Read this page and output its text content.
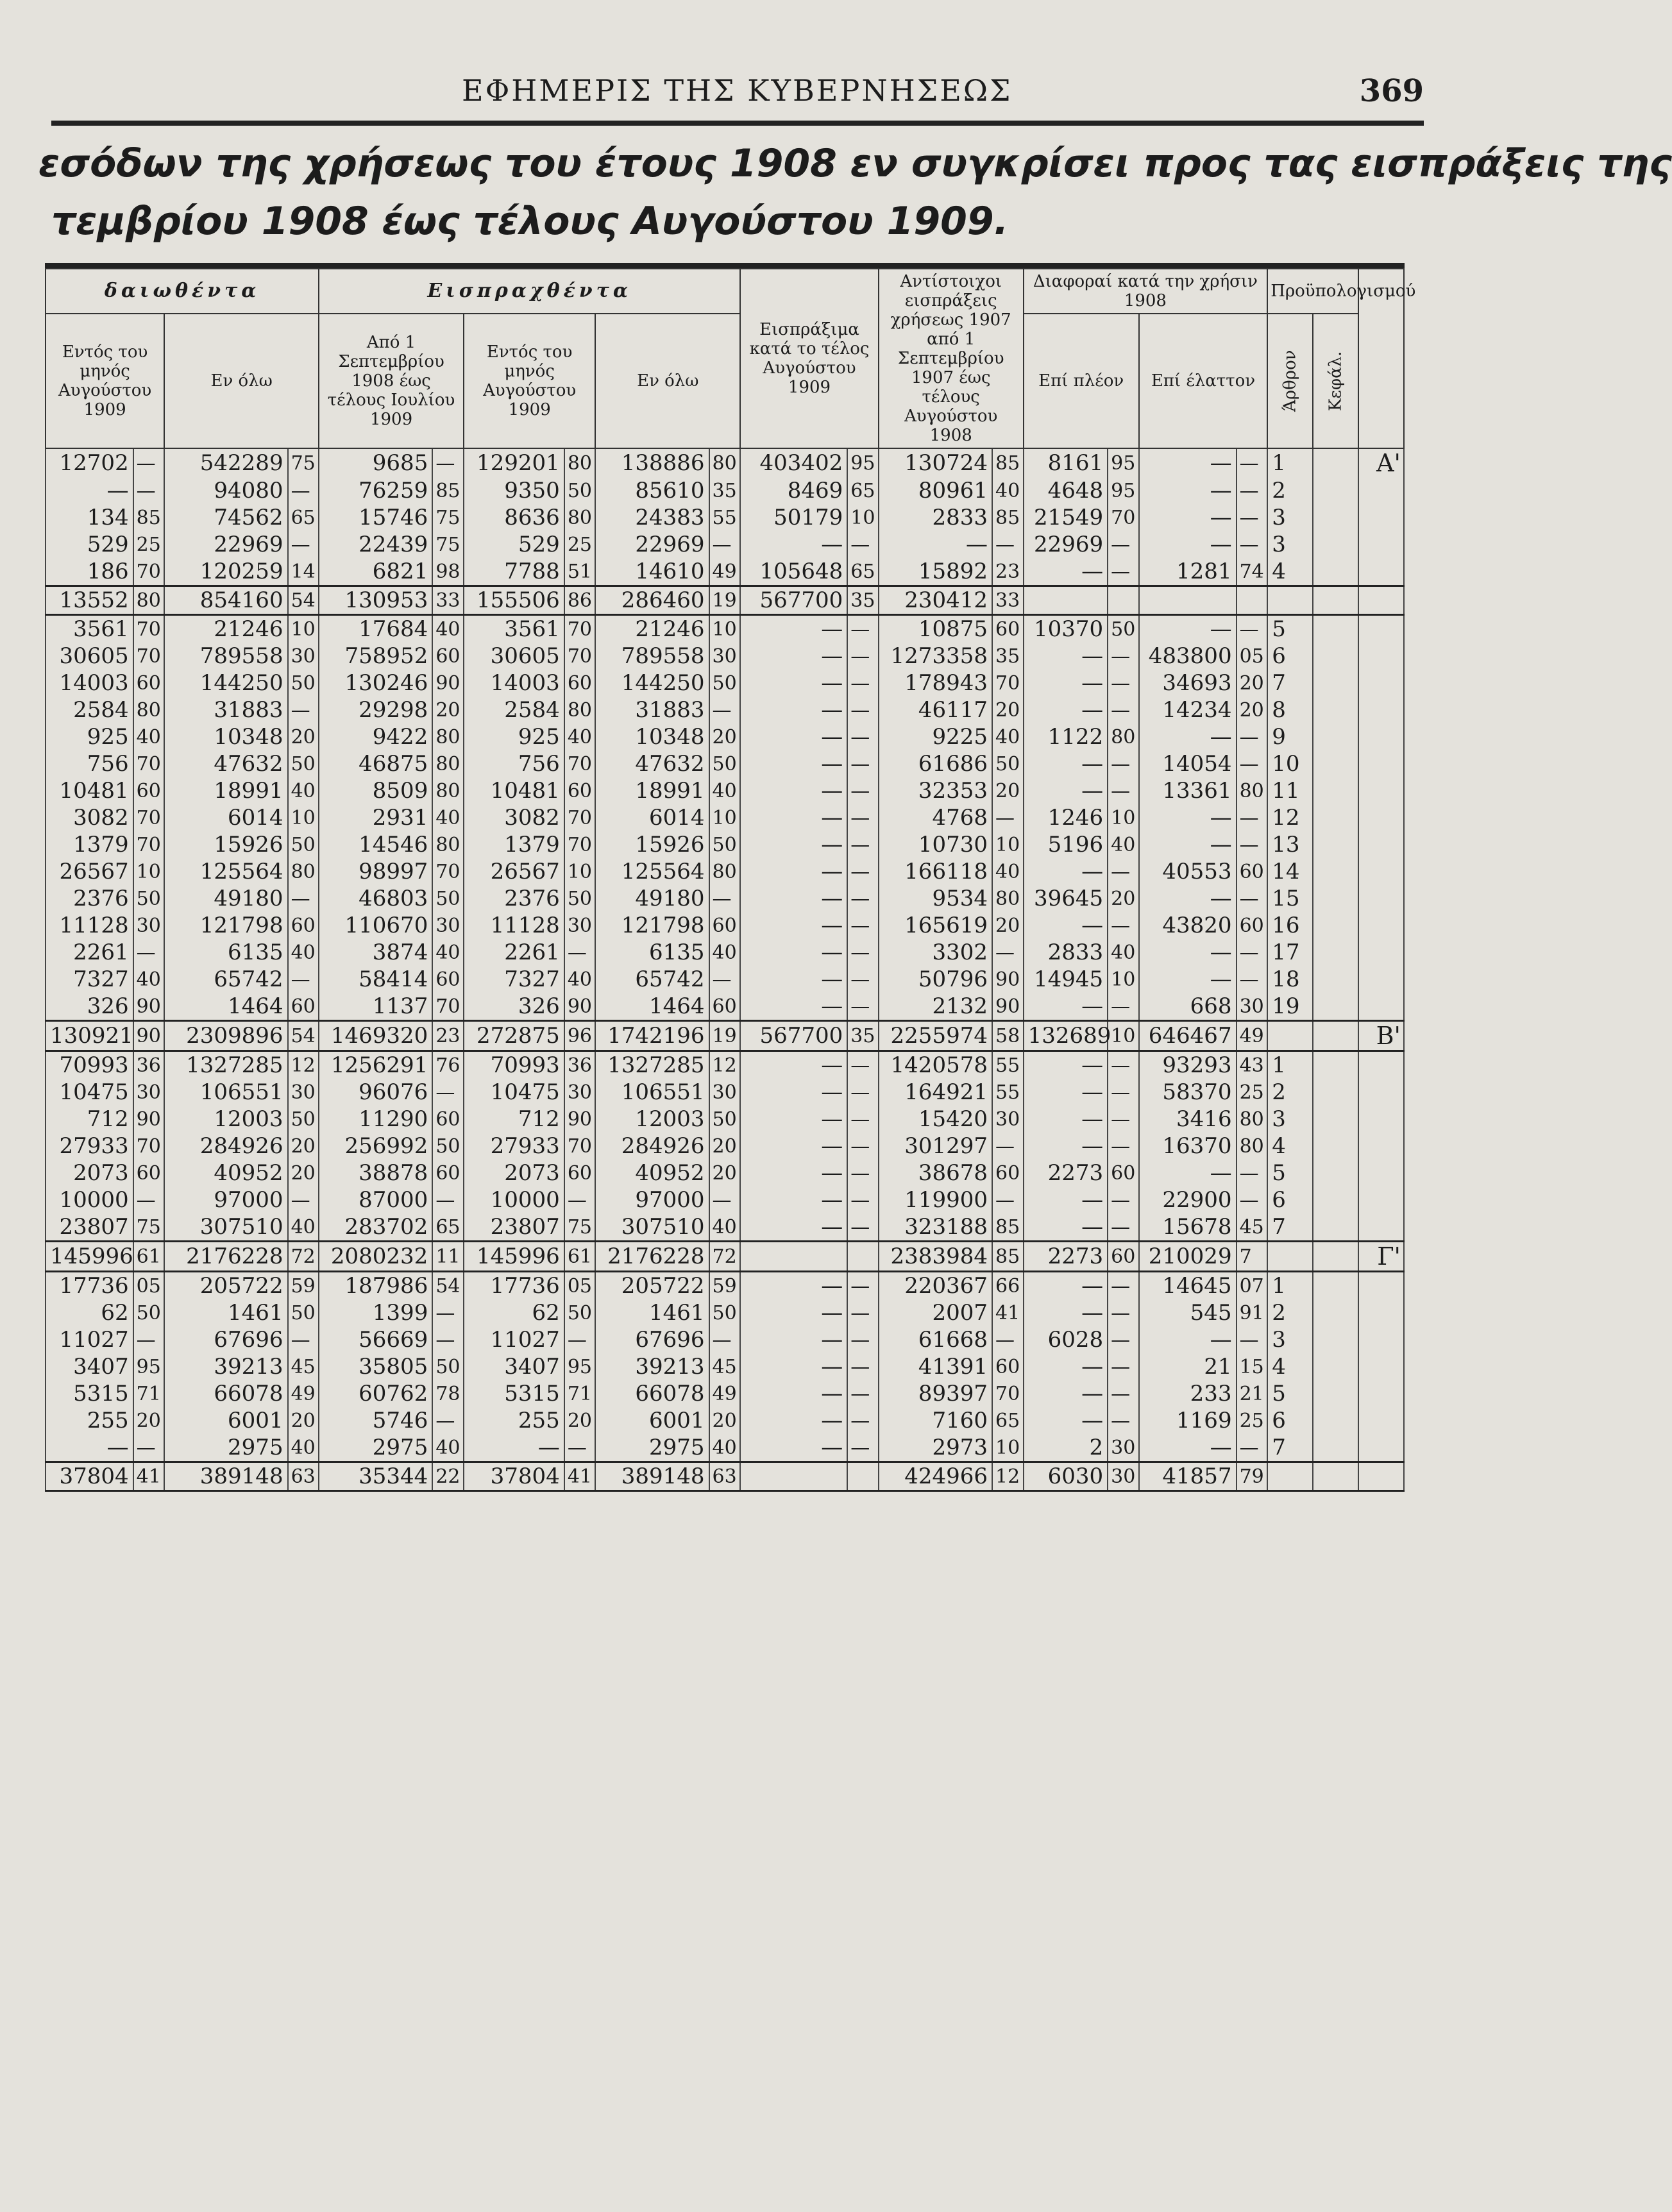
ΕΦΗΜΕΡΙΣ ΤΗΣ ΚΥΒΕΡΝΗΣΕΩΣ	369
εσόδων της χρήσεως του έτους 1908 εν συγκρίσει προς τας εισπράξεις της
τεμβρίου 1908 έως τέλους Αυγούστου 1909.
δαιωθέντα				Εισπραχθέντα						Εισπράξιμα κατά το τέλος Αυγούστου 1909		Αντίστοιχοι εισπράξεις χρήσεως 1907 από 1 Σεπτεμβρίου 1907 έως τέλους Αυγούστου 1908		Διαφοραί κατά την χρήσιν 1908				Προϋπολογισμού		
Εντός του μηνός Αυγούστου 1909		Εν όλω		Από 1 Σεπτεμβρίου 1908 έως τέλους Ιουλίου 1909		Εντός του μηνός Αυγούστου 1909		Εν όλω						Επί πλέον		Επί έλαττον		Άρθρον	Κεφάλ.	
12702	—	542289	75	9685	—	129201	80	138886	80	403402	95	130724	85	8161	95	—	—	1		Α'
—	—	94080	—	76259	85	9350	50	85610	35	8469	65	80961	40	4648	95	—	—	2		
134	85	74562	65	15746	75	8636	80	24383	55	50179	10	2833	85	21549	70	—	—	3		
529	25	22969	—	22439	75	529	25	22969	—	—	—	—	—	22969	—	—	—	3		
186	70	120259	14	6821	98	7788	51	14610	49	105648	65	15892	23	—	—	1281	74	4		
13552	80	854160	54	130953	33	155506	86	286460	19	567700	35	230412	33							
3561	70	21246	10	17684	40	3561	70	21246	10	—	—	10875	60	10370	50	—	—	5		
30605	70	789558	30	758952	60	30605	70	789558	30	—	—	1273358	35	—	—	483800	05	6		
14003	60	144250	50	130246	90	14003	60	144250	50	—	—	178943	70	—	—	34693	20	7		
2584	80	31883	—	29298	20	2584	80	31883	—	—	—	46117	20	—	—	14234	20	8		
925	40	10348	20	9422	80	925	40	10348	20	—	—	9225	40	1122	80	—	—	9		
756	70	47632	50	46875	80	756	70	47632	50	—	—	61686	50	—	—	14054	—	10		
10481	60	18991	40	8509	80	10481	60	18991	40	—	—	32353	20	—	—	13361	80	11		
3082	70	6014	10	2931	40	3082	70	6014	10	—	—	4768	—	1246	10	—	—	12		
1379	70	15926	50	14546	80	1379	70	15926	50	—	—	10730	10	5196	40	—	—	13		
26567	10	125564	80	98997	70	26567	10	125564	80	—	—	166118	40	—	—	40553	60	14		
2376	50	49180	—	46803	50	2376	50	49180	—	—	—	9534	80	39645	20	—	—	15		
11128	30	121798	60	110670	30	11128	30	121798	60	—	—	165619	20	—	—	43820	60	16		
2261	—	6135	40	3874	40	2261	—	6135	40	—	—	3302	—	2833	40	—	—	17		
7327	40	65742	—	58414	60	7327	40	65742	—	—	—	50796	90	14945	10	—	—	18		
326	90	1464	60	1137	70	326	90	1464	60	—	—	2132	90	—	—	668	30	19		
130921	90	2309896	54	1469320	23	272875	96	1742196	19	567700	35	2255974	58	132689	10	646467	49			Β'
70993	36	1327285	12	1256291	76	70993	36	1327285	12	—	—	1420578	55	—	—	93293	43	1		
10475	30	106551	30	96076	—	10475	30	106551	30	—	—	164921	55	—	—	58370	25	2		
712	90	12003	50	11290	60	712	90	12003	50	—	—	15420	30	—	—	3416	80	3		
27933	70	284926	20	256992	50	27933	70	284926	20	—	—	301297	—	—	—	16370	80	4		
2073	60	40952	20	38878	60	2073	60	40952	20	—	—	38678	60	2273	60	—	—	5		
10000	—	97000	—	87000	—	10000	—	97000	—	—	—	119900	—	—	—	22900	—	6		
23807	75	307510	40	283702	65	23807	75	307510	40	—	—	323188	85	—	—	15678	45	7		
145996	61	2176228	72	2080232	11	145996	61	2176228	72			2383984	85	2273	60	210029	7			Γ'
17736	05	205722	59	187986	54	17736	05	205722	59	—	—	220367	66	—	—	14645	07	1		
62	50	1461	50	1399	—	62	50	1461	50	—	—	2007	41	—	—	545	91	2		
11027	—	67696	—	56669	—	11027	—	67696	—	—	—	61668	—	6028	—	—	—	3		
3407	95	39213	45	35805	50	3407	95	39213	45	—	—	41391	60	—	—	21	15	4		
5315	71	66078	49	60762	78	5315	71	66078	49	—	—	89397	70	—	—	233	21	5		
255	20	6001	20	5746	—	255	20	6001	20	—	—	7160	65	—	—	1169	25	6		
—	—	2975	40	2975	40	—	—	2975	40	—	—	2973	10	2	30	—	—	7		
37804	41	389148	63	35344	22	37804	41	389148	63			424966	12	6030	30	41857	79			
